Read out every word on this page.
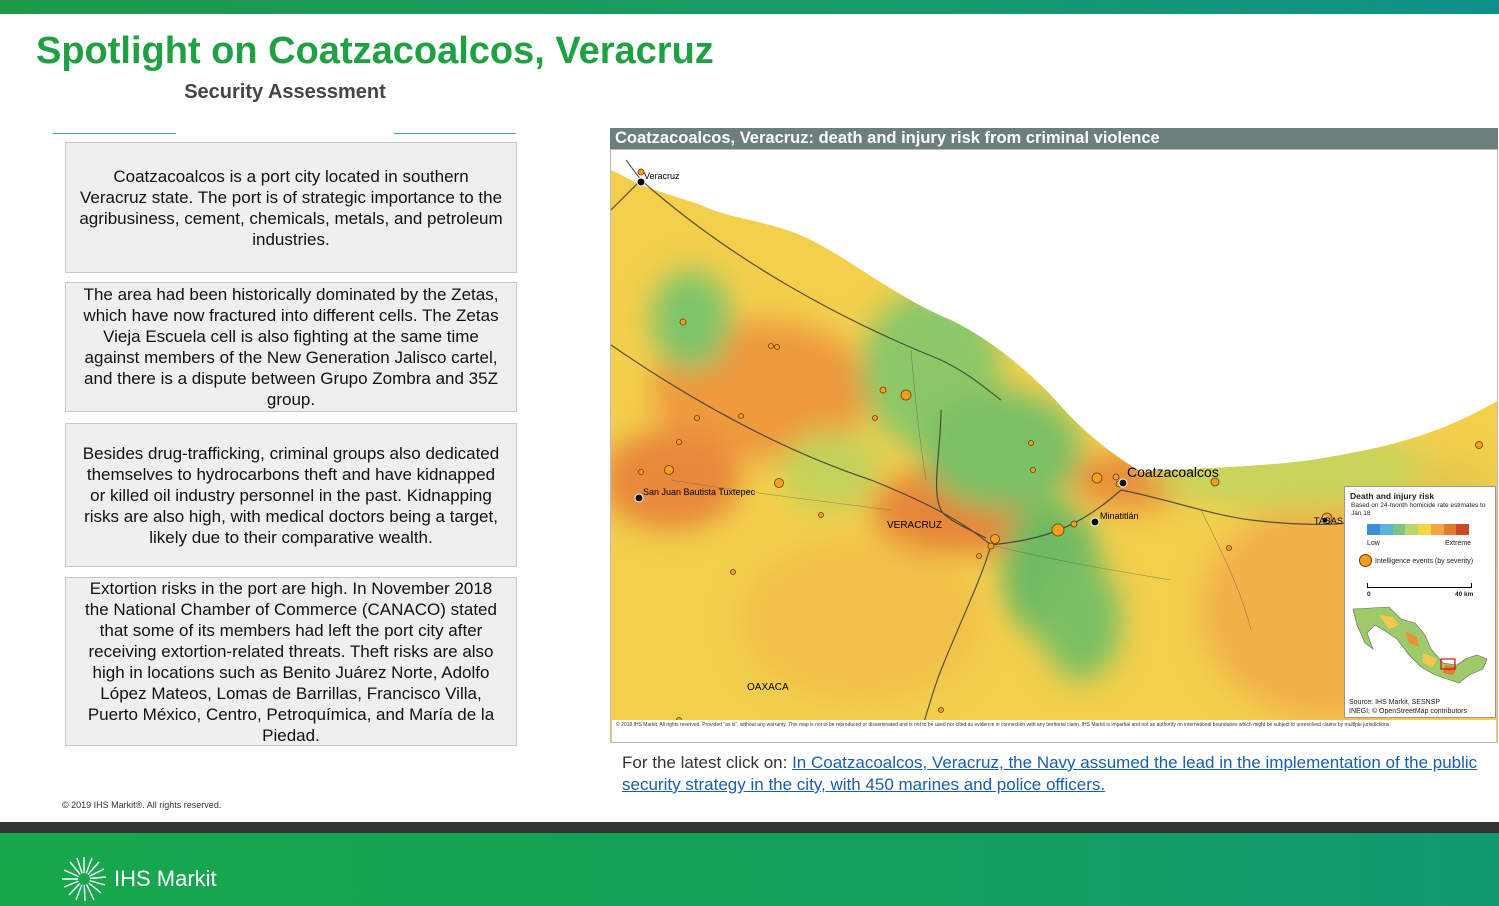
Spotlight on Coatzacoalcos, Veracruz
Security Assessment
Coatzacoalcos is a port city located in southern Veracruz state. The port is of strategic importance to the agribusiness, cement, chemicals, metals, and petroleum industries.
The area had been historically dominated by the Zetas, which have now fractured into different cells. The Zetas Vieja Escuela cell is also fighting at the same time against members of the New Generation Jalisco cartel, and there is a dispute between Grupo Zombra and 35Z group.
Besides drug-trafficking, criminal groups also dedicated themselves to hydrocarbons theft and have kidnapped or killed oil industry personnel in the past. Kidnapping risks are also high, with medical doctors being a target, likely due to their comparative wealth.
Extortion risks in the port are high. In November 2018 the National Chamber of Commerce (CANACO) stated that some of its members had left the port city after receiving extortion-related threats. Theft risks are also high in locations such as Benito Juárez Norte, Adolfo López Mateos, Lomas de Barrillas, Francisco Villa, Puerto México, Centro, Petroquímica, and María de la Piedad.
© 2019 IHS Markit®. All rights reserved.
Coatzacoalcos, Veracruz: death and injury risk from criminal violence
Veracruz
Coatzacoalcos
San Juan Bautista Tuxtepec
VERACRUZ
Minatitlán
OAXACA
TABAS
Death and injury risk
Based on 24-month homicide rate estimates to Jan 18
Low	Extreme
Intelligence events (by severity)
0	40 km
Source: IHS Markit, SESNSP
INEGI; © OpenStreetMap contributors
© 2018 IHS Markit. All rights reserved. Provided "as is", without any warranty. This map is not to be reproduced or disseminated and is not to be used nor cited as evidence in connection with any territorial claim. IHS Markit is impartial and not an authority on international boundaries which might be subject to unresolved claims by multiple jurisdictions.
For the latest click on: In Coatzacoalcos, Veracruz, the Navy assumed the lead in the implementation of the public security strategy in the city, with 450 marines and police officers.
IHS Markit
